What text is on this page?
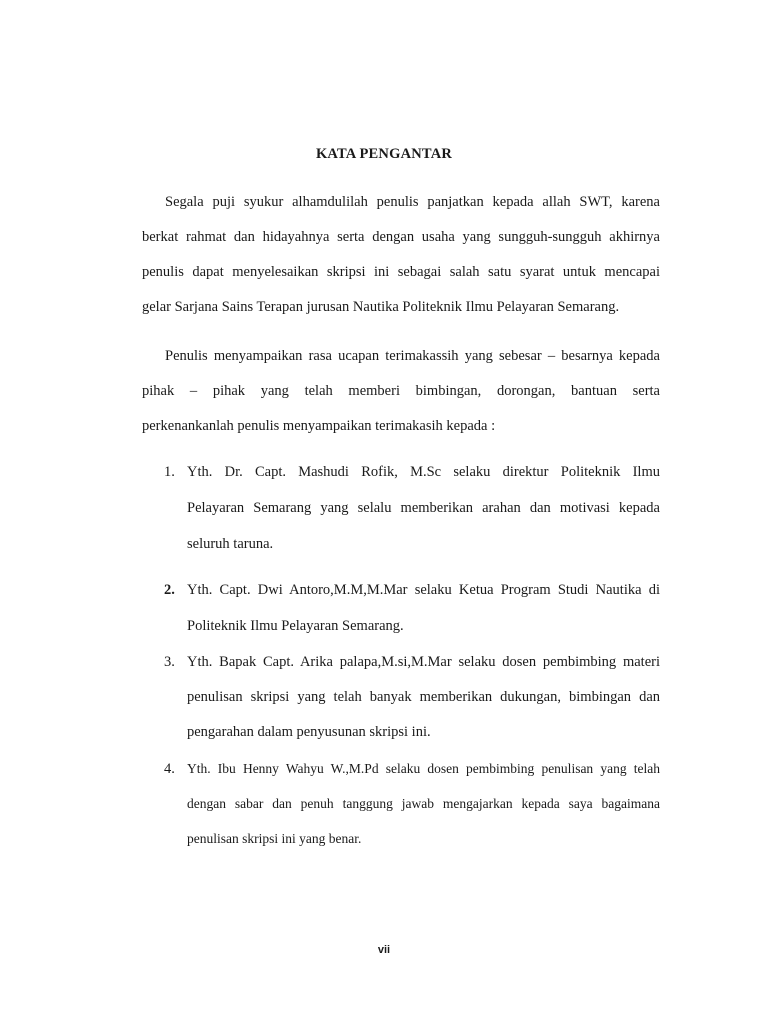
KATA PENGANTAR
Segala puji syukur alhamdulilah penulis panjatkan kepada allah SWT, karena
berkat rahmat dan hidayahnya serta dengan usaha yang sungguh-sungguh akhirnya
penulis dapat menyelesaikan skripsi ini sebagai salah satu syarat untuk mencapai
gelar Sarjana Sains Terapan jurusan Nautika Politeknik Ilmu Pelayaran Semarang.
Penulis menyampaikan rasa ucapan terimakassih yang sebesar – besarnya kepada
pihak – pihak yang telah memberi bimbingan, dorongan, bantuan serta
perkenankanlah penulis menyampaikan terimakasih kepada :
1. Yth. Dr. Capt. Mashudi Rofik, M.Sc selaku direktur Politeknik Ilmu
Pelayaran Semarang yang selalu memberikan arahan dan motivasi kepada
seluruh taruna.
2. Yth. Capt. Dwi Antoro,M.M,M.Mar selaku Ketua Program Studi Nautika di
Politeknik Ilmu Pelayaran Semarang.
3. Yth. Bapak Capt. Arika palapa,M.si,M.Mar selaku dosen pembimbing materi
penulisan skripsi yang telah banyak memberikan dukungan, bimbingan dan
pengarahan dalam penyusunan skripsi ini.
4. Yth. Ibu Henny Wahyu W.,M.Pd selaku dosen pembimbing penulisan yang telah
dengan sabar dan penuh tanggung jawab mengajarkan kepada saya bagaimana
penulisan skripsi ini yang benar.
vii
